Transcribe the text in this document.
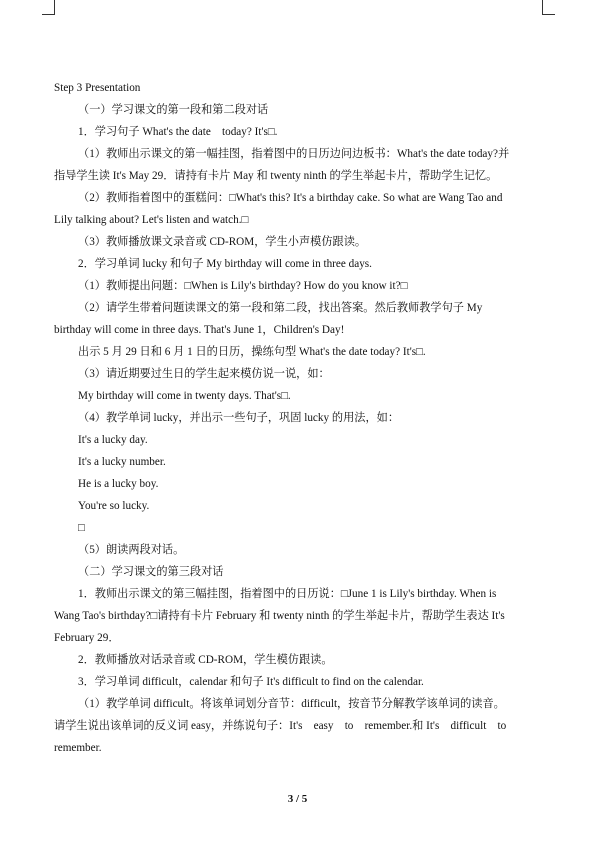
Step 3 Presentation
（一）学习课文的第一段和第二段对话
1．学习句子 What's the date　today? It's□.
（1）教师出示课文的第一幅挂图，指着图中的日历边问边板书：What's the date today?并
指导学生读 It's May 29．请持有卡片 May 和 twenty ninth 的学生举起卡片，帮助学生记忆。
（2）教师指着图中的蛋糕问：□What's this? It's a birthday cake. So what are Wang Tao and
Lily talking about? Let's listen and watch.□
（3）教师播放课文录音或 CD-ROM，学生小声模仿跟读。
2．学习单词 lucky 和句子 My birthday will come in three days.
（1）教师提出问题：□When is Lily's birthday? How do you know it?□
（2）请学生带着问题读课文的第一段和第二段，找出答案。然后教师教学句子 My
birthday will come in three days. That's June 1，Children's Day!
出示 5 月 29 日和 6 月 1 日的日历，操练句型 What's the date today? It's□.
（3）请近期要过生日的学生起来模仿说一说，如：
My birthday will come in twenty days. That's□.
（4）教学单词 lucky，并出示一些句子，巩固 lucky 的用法，如：
It's a lucky day.
It's a lucky number.
He is a lucky boy.
You're so lucky.
□
（5）朗读两段对话。
（二）学习课文的第三段对话
1．教师出示课文的第三幅挂图，指着图中的日历说：□June 1 is Lily's birthday. When is
Wang Tao's birthday?□请持有卡片 February 和 twenty ninth 的学生举起卡片，帮助学生表达 It's
February 29．
2．教师播放对话录音或 CD-ROM，学生模仿跟读。
3．学习单词 difficult，calendar 和句子 It's difficult to find on the calendar.
（1）教学单词 difficult。将该单词划分音节：difficult，按音节分解教学该单词的读音。
请学生说出该单词的反义词 easy，并练说句子：It's　easy　to　remember.和 It's　difficult　to
remember.
3 / 5
